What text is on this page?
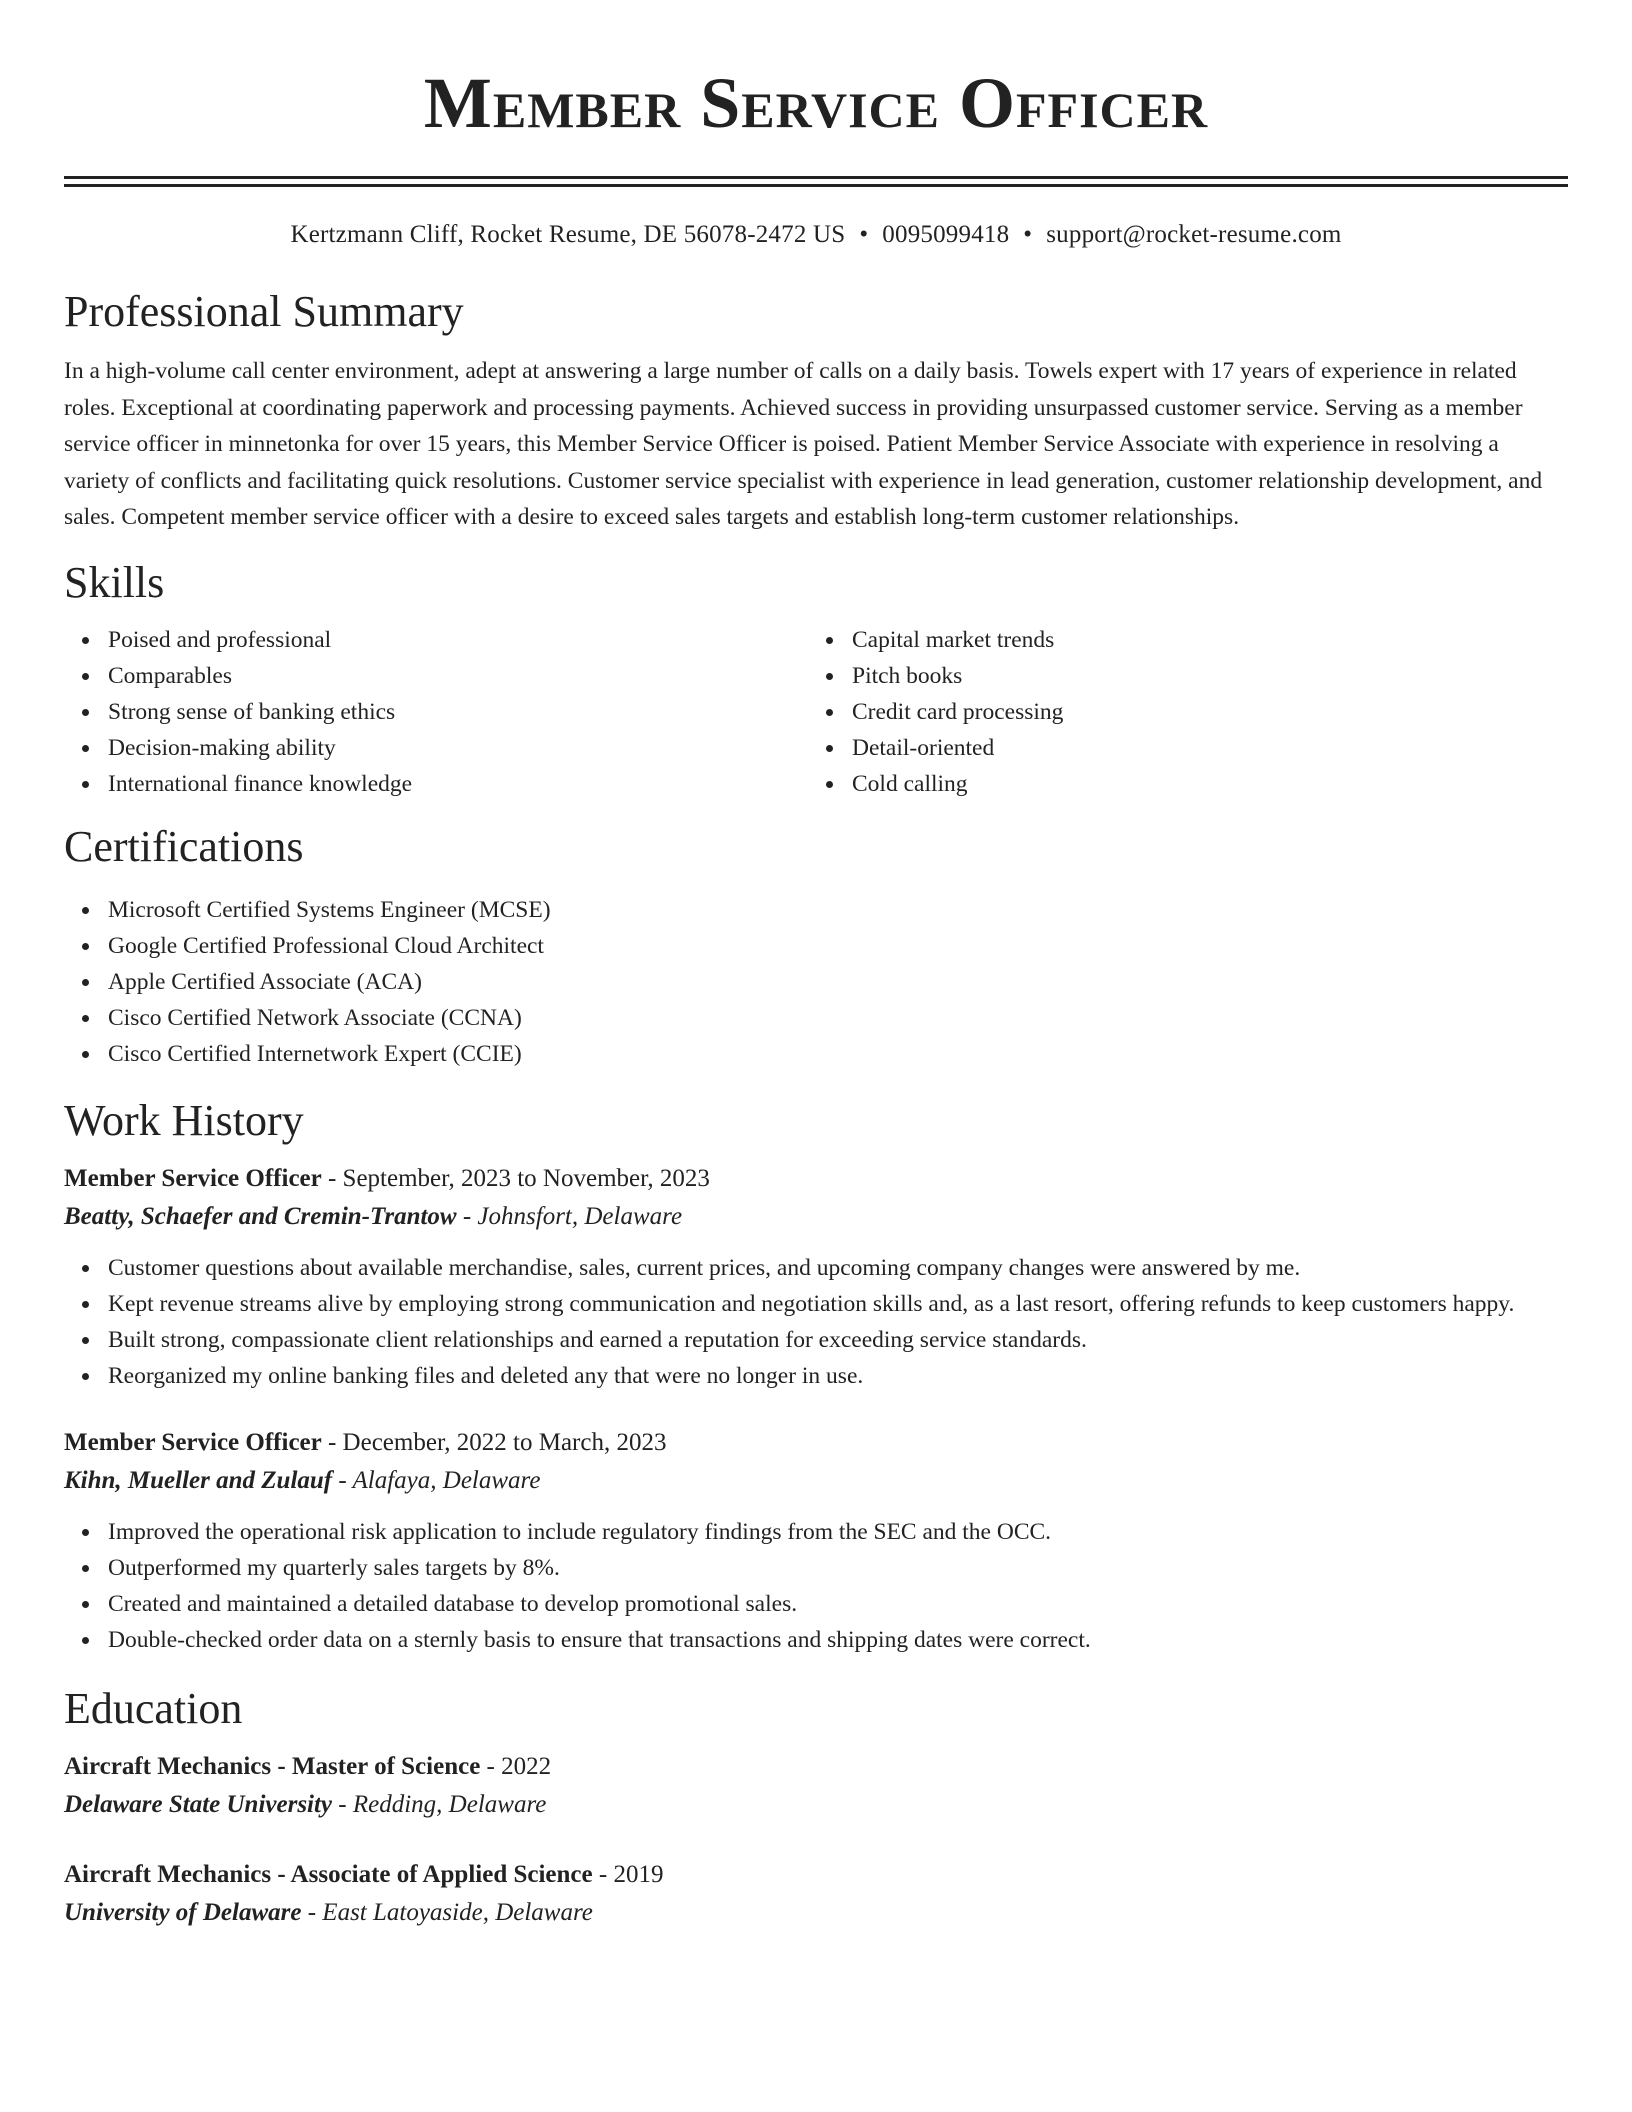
Member Service Officer
Kertzmann Cliff, Rocket Resume, DE 56078-2472 US • 0095099418 • support@rocket-resume.com
Professional Summary

In a high-volume call center environment, adept at answering a large number of calls on a daily basis. Towels expert with 17 years of experience in related roles. Exceptional at coordinating paperwork and processing payments. Achieved success in providing unsurpassed customer service. Serving as a member service officer in minnetonka for over 15 years, this Member Service Officer is poised. Patient Member Service Associate with experience in resolving a variety of conflicts and facilitating quick resolutions. Customer service specialist with experience in lead generation, customer relationship development, and sales. Competent member service officer with a desire to exceed sales targets and establish long-term customer relationships.

Skills
Poised and professional
Comparables
Strong sense of banking ethics
Decision-making ability
International finance knowledge
Capital market trends
Pitch books
Credit card processing
Detail-oriented
Cold calling
Certifications
Microsoft Certified Systems Engineer (MCSE)
Google Certified Professional Cloud Architect
Apple Certified Associate (ACA)
Cisco Certified Network Associate (CCNA)
Cisco Certified Internetwork Expert (CCIE)
Work History
Member Service Officer - September, 2023 to November, 2023
Beatty, Schaefer and Cremin-Trantow - Johnsfort, Delaware
Customer questions about available merchandise, sales, current prices, and upcoming company changes were answered by me.
Kept revenue streams alive by employing strong communication and negotiation skills and, as a last resort, offering refunds to keep customers happy.
Built strong, compassionate client relationships and earned a reputation for exceeding service standards.
Reorganized my online banking files and deleted any that were no longer in use.
Member Service Officer - December, 2022 to March, 2023
Kihn, Mueller and Zulauf - Alafaya, Delaware
Improved the operational risk application to include regulatory findings from the SEC and the OCC.
Outperformed my quarterly sales targets by 8%.
Created and maintained a detailed database to develop promotional sales.
Double-checked order data on a sternly basis to ensure that transactions and shipping dates were correct.
Education
Aircraft Mechanics - Master of Science - 2022
Delaware State University - Redding, Delaware
Aircraft Mechanics - Associate of Applied Science - 2019
University of Delaware - East Latoyaside, Delaware
